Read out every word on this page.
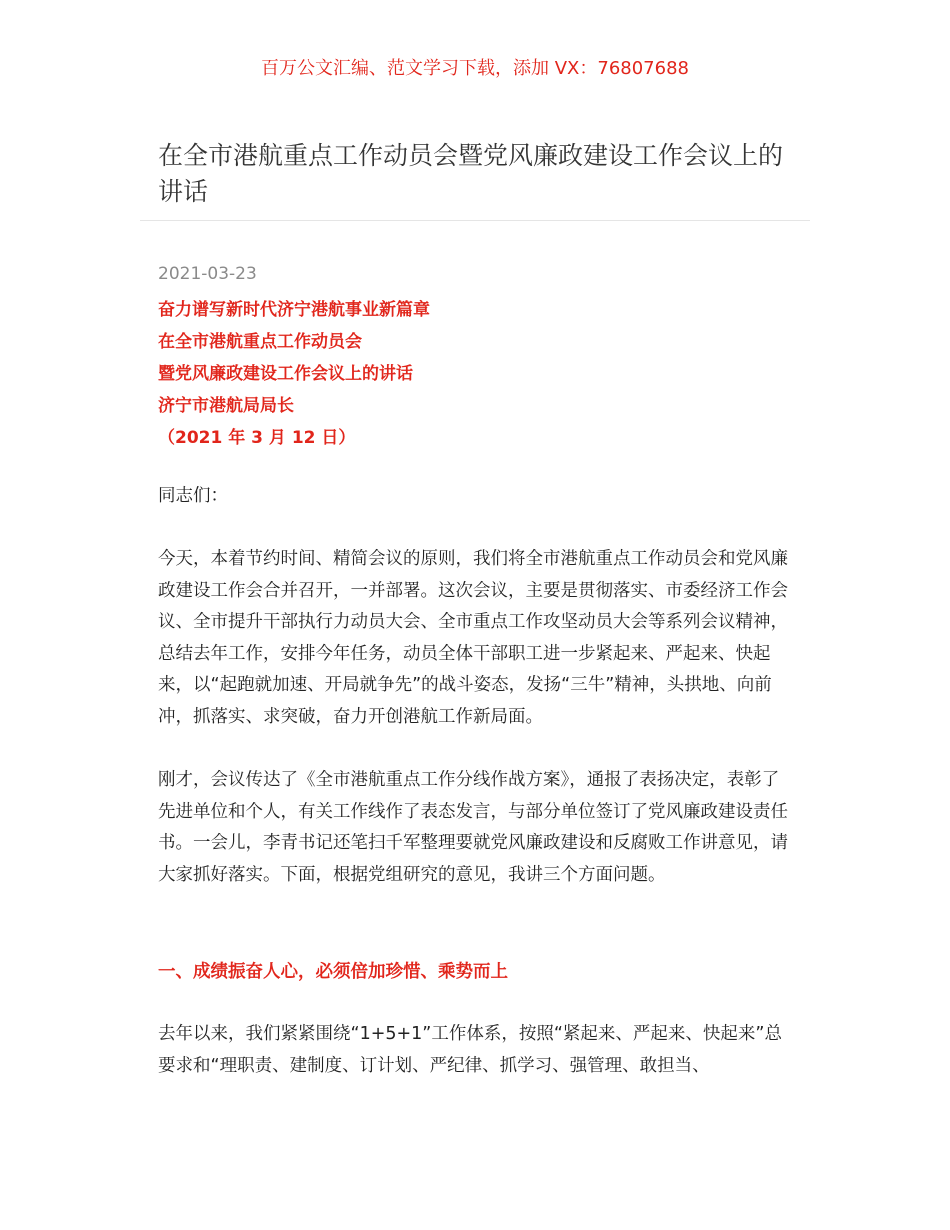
百万公文汇编、范文学习下载，添加 VX：76807688
在全市港航重点工作动员会暨党风廉政建设工作会议上的讲话
2021-03-23
奋力谱写新时代济宁港航事业新篇章
在全市港航重点工作动员会
暨党风廉政建设工作会议上的讲话
济宁市港航局局长
（2021 年 3 月 12 日）

同志们：

今天，本着节约时间、精简会议的原则，我们将全市港航重点工作动员会和党风廉政建设工作会合并召开，一并部署。这次会议，主要是贯彻落实、市委经济工作会议、全市提升干部执行力动员大会、全市重点工作攻坚动员大会等系列会议精神，总结去年工作，安排今年任务，动员全体干部职工进一步紧起来、严起来、快起来，以“起跑就加速、开局就争先”的战斗姿态，发扬“三牛”精神，头拱地、向前冲，抓落实、求突破，奋力开创港航工作新局面。

刚才，会议传达了《全市港航重点工作分线作战方案》，通报了表扬决定，表彰了先进单位和个人，有关工作线作了表态发言，与部分单位签订了党风廉政建设责任书。一会儿，李青书记还笔扫千军整理要就党风廉政建设和反腐败工作讲意见，请大家抓好落实。下面，根据党组研究的意见，我讲三个方面问题。

一、成绩振奋人心，必须倍加珍惜、乘势而上

去年以来，我们紧紧围绕“1+5+1”工作体系，按照“紧起来、严起来、快起来”总要求和“理职责、建制度、订计划、严纪律、抓学习、强管理、敢担当、
